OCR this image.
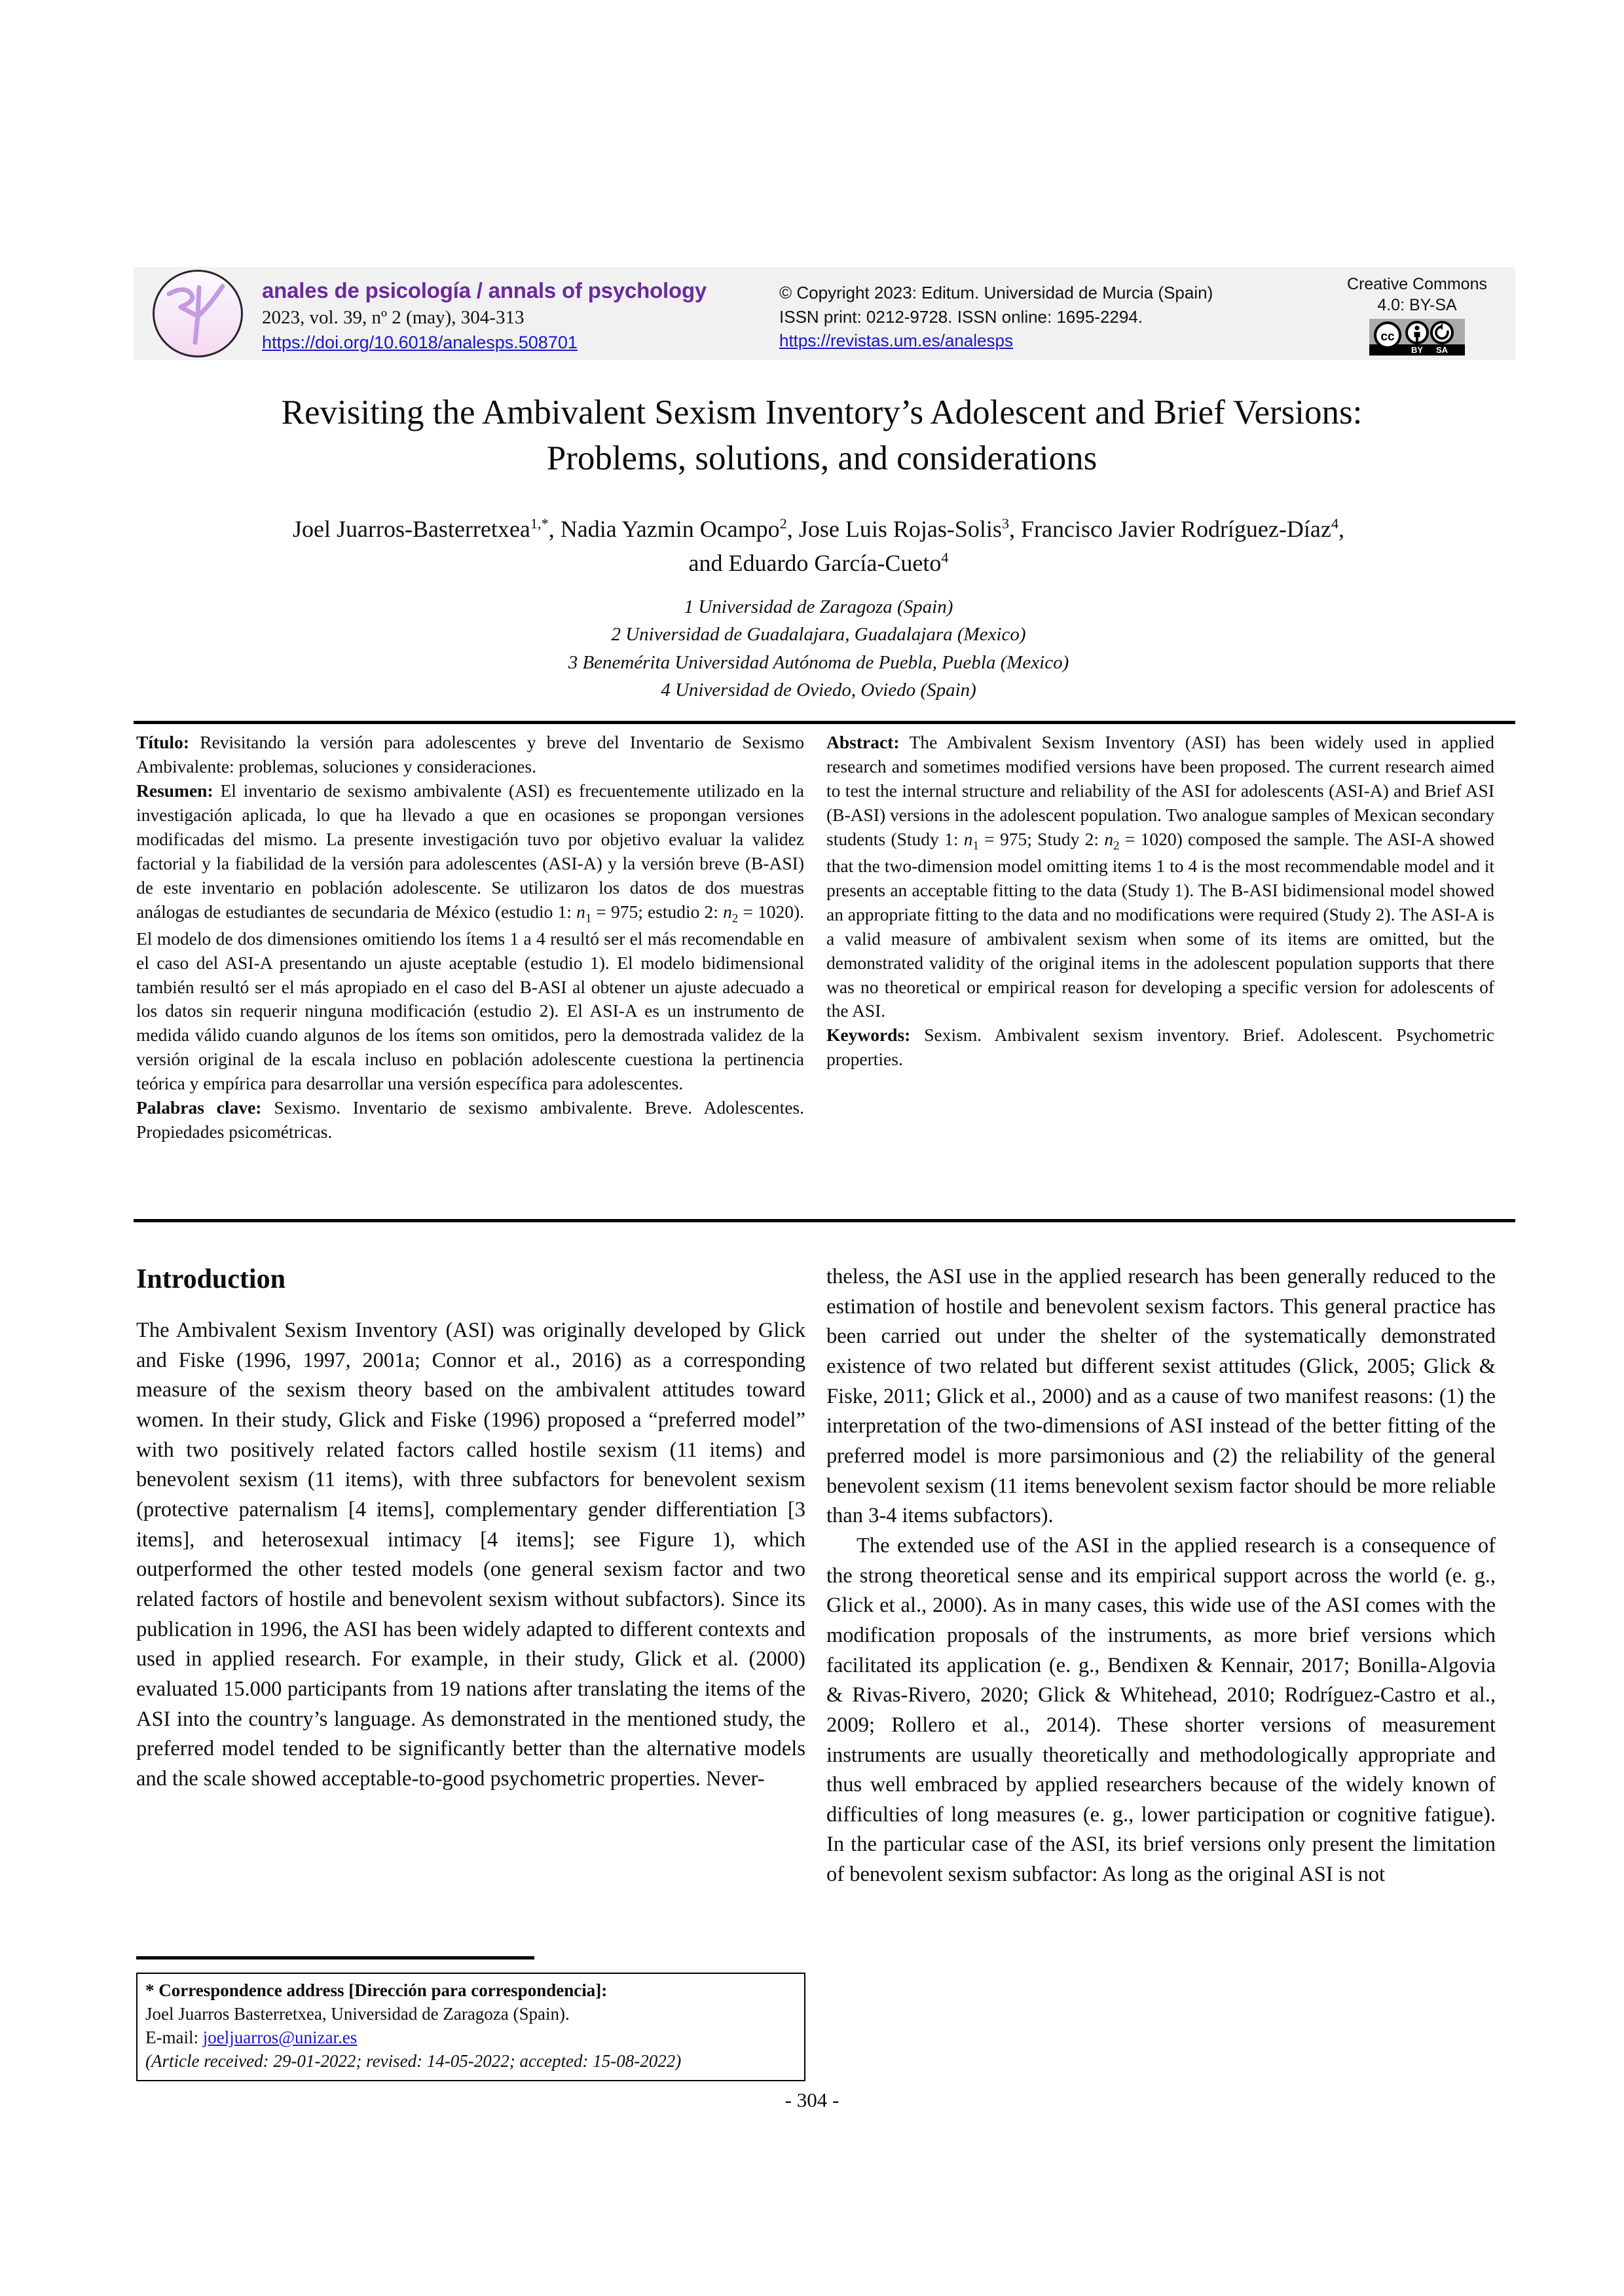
anales de psicología / annals of psychology
2023, vol. 39, nº 2 (may), 304-313
https://doi.org/10.6018/analesps.508701
© Copyright 2023: Editum. Universidad de Murcia (Spain)
ISSN print: 0212-9728. ISSN online: 1695-2294.
https://revistas.um.es/analesps
Creative Commons
4.0: BY-SA
cc
BY SA
Revisiting the Ambivalent Sexism Inventory’s Adolescent and Brief Versions:
Problems, solutions, and considerations
Joel Juarros-Basterretxea$^{1,*}$, Nadia Yazmin Ocampo$^2$, Jose Luis Rojas-Solis$^3$, Francisco Javier Rodríguez-Díaz$^4$,
and Eduardo García-Cueto$^4$
1 Universidad de Zaragoza (Spain)
2 Universidad de Guadalajara, Guadalajara (Mexico)
3 Benemérita Universidad Autónoma de Puebla, Puebla (Mexico)
4 Universidad de Oviedo, Oviedo (Spain)

Título: Revisitando la versión para adolescentes y breve del Inventario de Sexismo Ambivalente: problemas, soluciones y consideraciones.

Resumen: El inventario de sexismo ambivalente (ASI) es frecuentemente utilizado en la investigación aplicada, lo que ha llevado a que en ocasiones se propongan versiones modificadas del mismo. La presente investigación tuvo por objetivo evaluar la validez factorial y la fiabilidad de la versión para adolescentes (ASI-A) y la versión breve (B-ASI) de este inventario en población adolescente. Se utilizaron los datos de dos muestras análogas de estudiantes de secundaria de México (estudio 1: $n_1 = 975$; estudio 2: $n_2 = 1020$). El modelo de dos dimensiones omitiendo los ítems 1 a 4 resultó ser el más recomendable en el caso del ASI-A presentando un ajuste aceptable (estudio 1). El modelo bidimensional también resultó ser el más apropiado en el caso del B-ASI al obtener un ajuste adecuado a los datos sin requerir ninguna modificación (estudio 2). El ASI-A es un instrumento de medida válido cuando algunos de los ítems son omitidos, pero la demostrada validez de la versión original de la escala incluso en población adolescente cuestiona la pertinencia teórica y empírica para desarrollar una versión específica para adolescentes.

Palabras clave: Sexismo. Inventario de sexismo ambivalente. Breve. Adolescentes. Propiedades psicométricas.

Abstract: The Ambivalent Sexism Inventory (ASI) has been widely used in applied research and sometimes modified versions have been proposed. The current research aimed to test the internal structure and reliability of the ASI for adolescents (ASI-A) and Brief ASI (B-ASI) versions in the adolescent population. Two analogue samples of Mexican secondary students (Study 1: $n_1 = 975$; Study 2: $n_2 = 1020$) composed the sample. The ASI-A showed that the two-dimension model omitting items 1 to 4 is the most recommendable model and it presents an acceptable fitting to the data (Study 1). The B-ASI bidimensional model showed an appropriate fitting to the data and no modifications were required (Study 2). The ASI-A is a valid measure of ambivalent sexism when some of its items are omitted, but the demonstrated validity of the original items in the adolescent population supports that there was no theoretical or empirical reason for developing a specific version for adolescents of the ASI.

Keywords: Sexism. Ambivalent sexism inventory. Brief. Adolescent. Psychometric properties.

Introduction

The Ambivalent Sexism Inventory (ASI) was originally developed by Glick and Fiske (1996, 1997, 2001a; Connor et al., 2016) as a corresponding measure of the sexism theory based on the ambivalent attitudes toward women. In their study, Glick and Fiske (1996) proposed a “preferred model” with two positively related factors called hostile sexism (11 items) and benevolent sexism (11 items), with three subfactors for benevolent sexism (protective paternalism [4 items], complementary gender differentiation [3 items], and heterosexual intimacy [4 items]; see Figure 1), which outperformed the other tested models (one general sexism factor and two related factors of hostile and benevolent sexism without subfactors). Since its publication in 1996, the ASI has been widely adapted to different contexts and used in applied research. For example, in their study, Glick et al. (2000) evaluated 15.000 participants from 19 nations after translating the items of the ASI into the country’s language. As demonstrated in the mentioned study, the preferred model tended to be significantly better than the alternative models and the scale showed acceptable-to-good psychometric properties. Never-

theless, the ASI use in the applied research has been generally reduced to the estimation of hostile and benevolent sexism factors. This general practice has been carried out under the shelter of the systematically demonstrated existence of two related but different sexist attitudes (Glick, 2005; Glick & Fiske, 2011; Glick et al., 2000) and as a cause of two manifest reasons: (1) the interpretation of the two-dimensions of ASI instead of the better fitting of the preferred model is more parsimonious and (2) the reliability of the general benevolent sexism (11 items benevolent sexism factor should be more reliable than 3-4 items subfactors).

The extended use of the ASI in the applied research is a consequence of the strong theoretical sense and its empirical support across the world (e. g., Glick et al., 2000). As in many cases, this wide use of the ASI comes with the modification proposals of the instruments, as more brief versions which facilitated its application (e. g., Bendixen & Kennair, 2017; Bonilla-Algovia & Rivas-Rivero, 2020; Glick & Whitehead, 2010; Rodríguez-Castro et al., 2009; Rollero et al., 2014). These shorter versions of measurement instruments are usually theoretically and methodologically appropriate and thus well embraced by applied researchers because of the widely known of difficulties of long measures (e. g., lower participation or cognitive fatigue). In the particular case of the ASI, its brief versions only present the limitation of benevolent sexism subfactor: As long as the original ASI is not

* Correspondence address [Dirección para correspondencia]:
Joel Juarros Basterretxea, Universidad de Zaragoza (Spain).
E-mail: joeljuarros@unizar.es
(Article received: 29-01-2022; revised: 14-05-2022; accepted: 15-08-2022)
- 304 -
